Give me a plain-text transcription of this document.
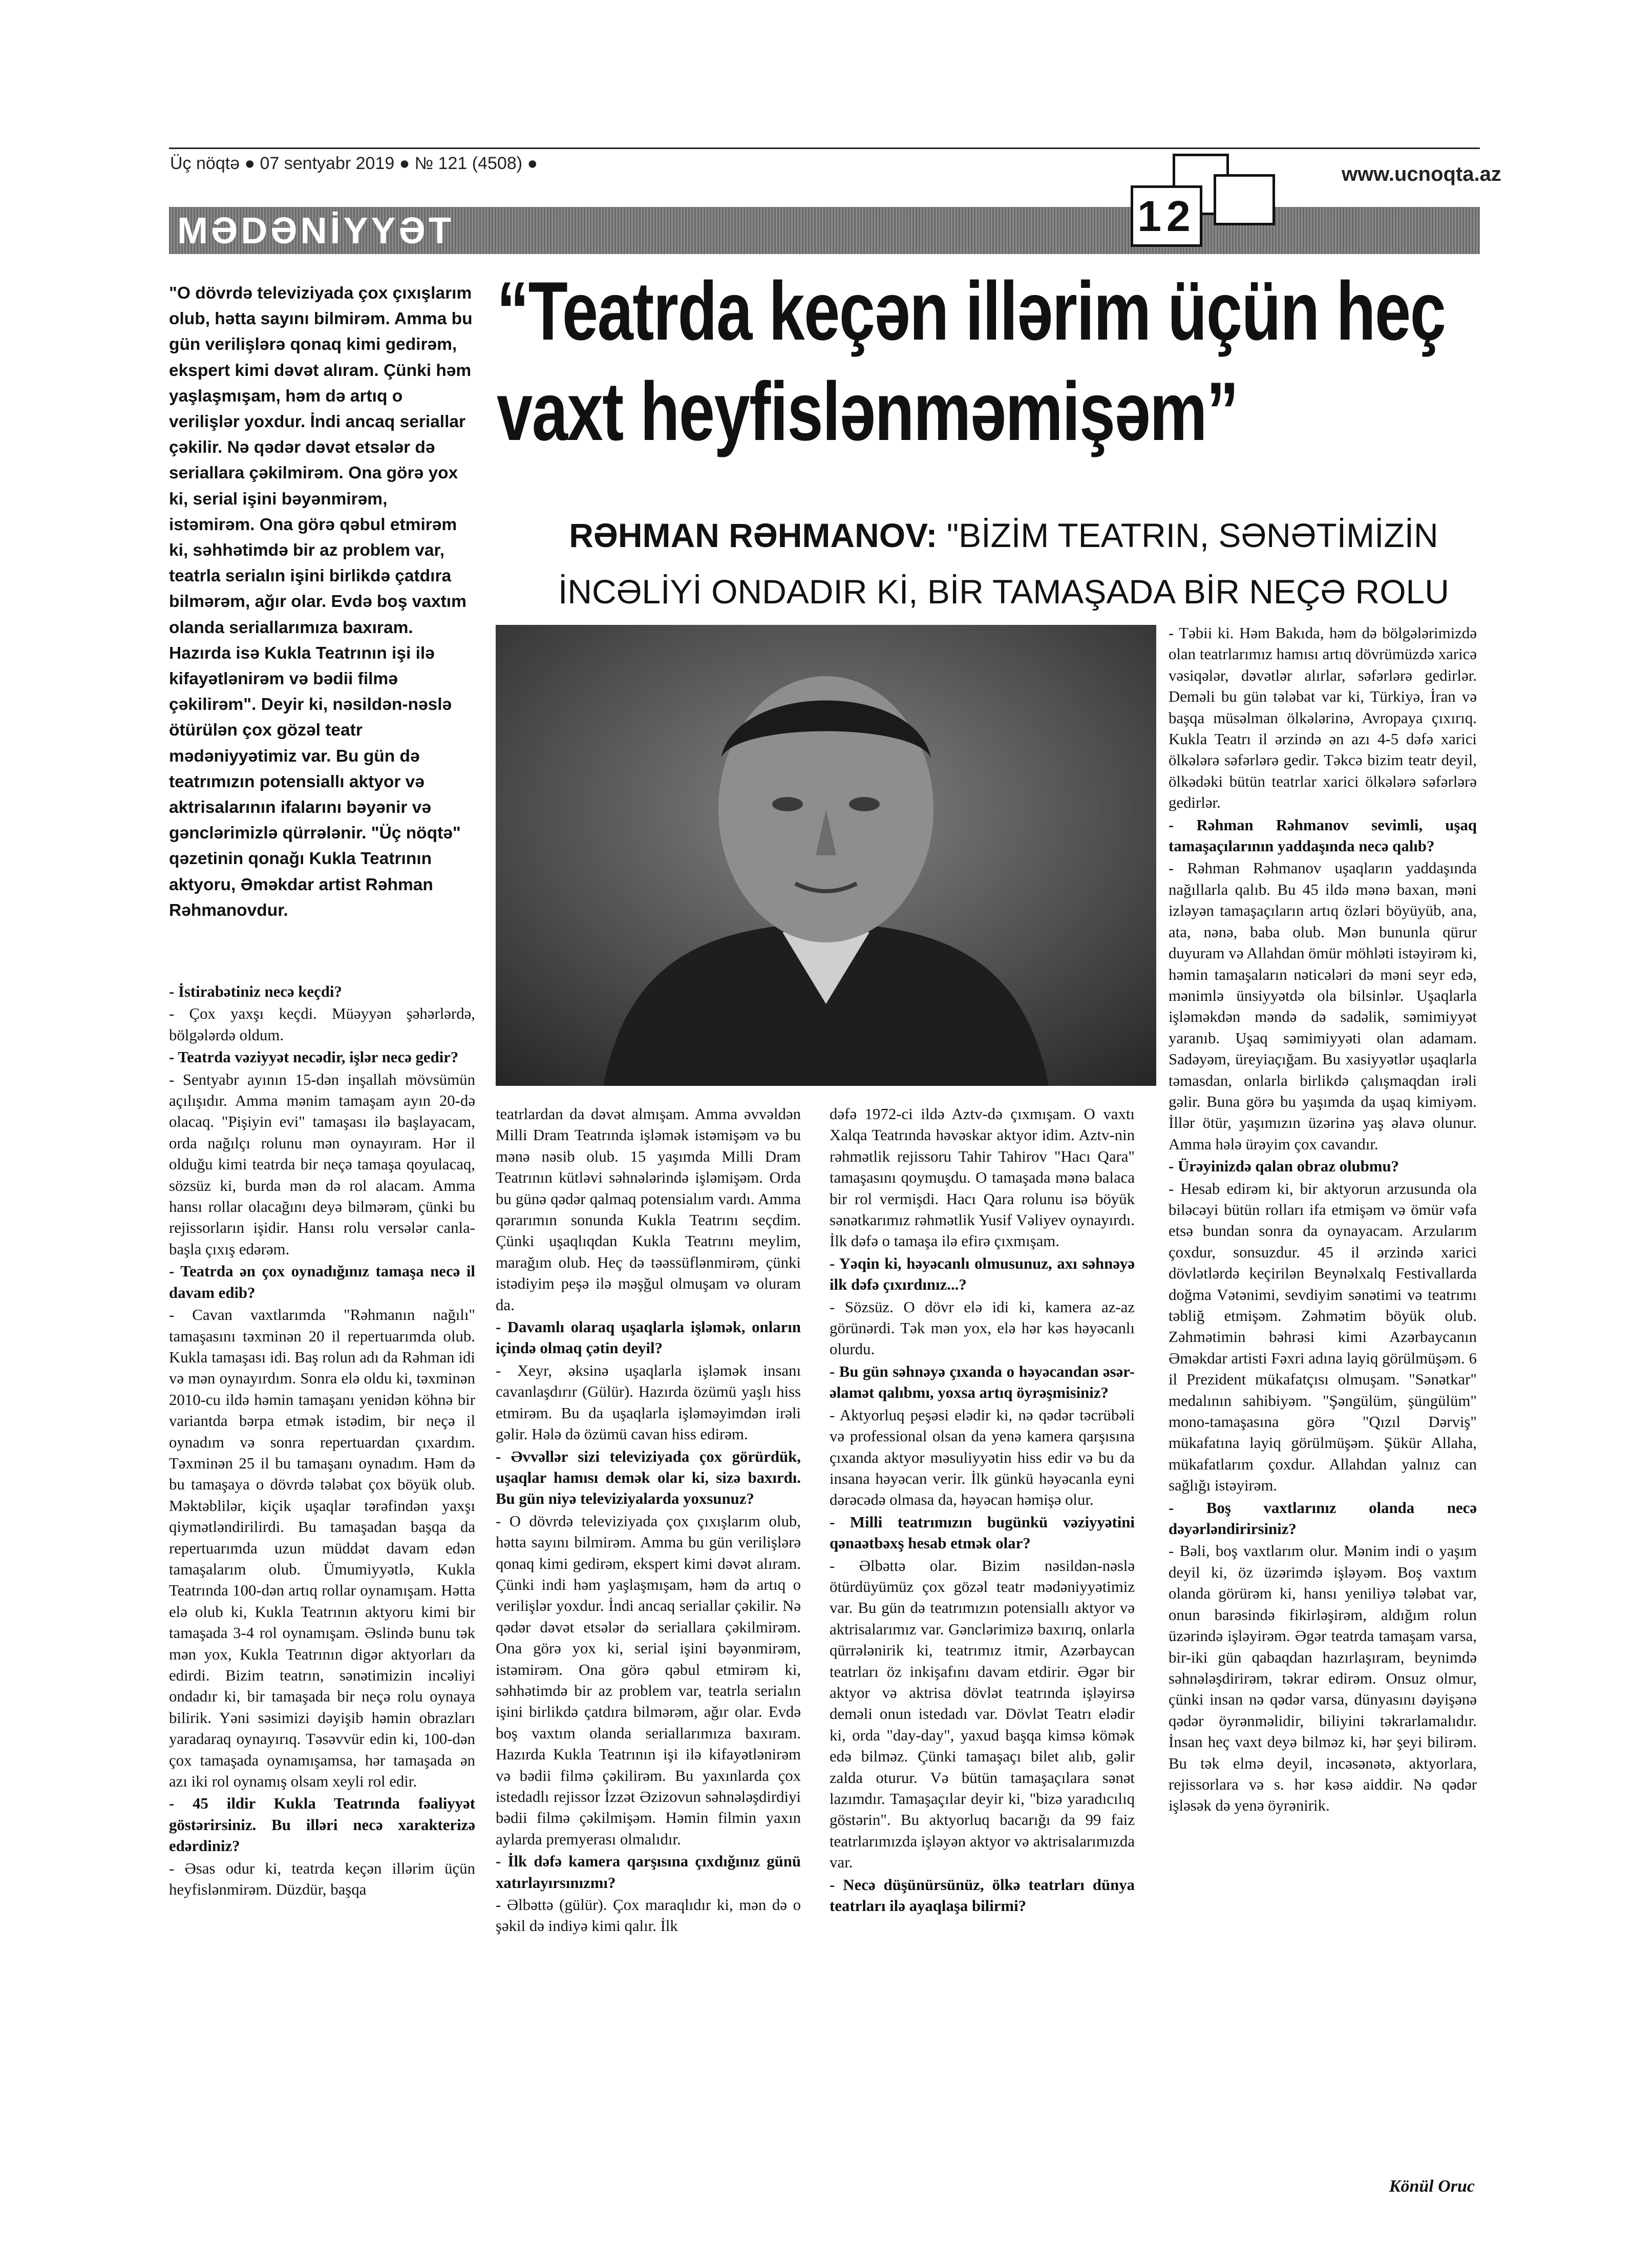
Üç nöqtə ● 07 sentyabr 2019 ● № 121 (4508) ●	www.ucnoqta.az
MƏDƏNİYYƏT	12
"O dövrdə televiziyada çox çıxışlarım olub, hətta sayını bilmirəm. Amma bu gün verilişlərə qonaq kimi gedirəm, ekspert kimi dəvət alıram. Çünki həm yaşlaşmışam, həm də artıq o verilişlər yoxdur. İndi ancaq seriallar çəkilir. Nə qədər dəvət etsələr də seriallara çəkilmirəm. Ona görə yox ki, serial işini bəyənmirəm, istəmirəm. Ona görə qəbul etmirəm ki, səhhətimdə bir az problem var, teatrla serialın işini birlikdə çatdıra bilmərəm, ağır olar. Evdə boş vaxtım olanda seriallarımıza baxıram. Hazırda isə Kukla Teatrının işi ilə kifayətlənirəm və bədii filmə çəkilirəm". Deyir ki, nəsildən-nəslə ötürülən çox gözəl teatr mədəniyyətimiz var. Bu gün də teatrımızın potensiallı aktyor və aktrisalarının ifalarını bəyənir və gənclərimizlə qürrələnir. "Üç nöqtə" qəzetinin qonağı Kukla Teatrının aktyoru, Əməkdar artist Rəhman Rəhmanovdur.
“Teatrda keçən illərim üçün heç
vaxt heyfislənməmişəm”
RƏHMAN RƏHMANOV: "BİZİM TEATRIN, SƏNƏTİMİZİN İNCƏLİYİ ONDADIR Kİ, BİR TAMAŞADA BİR NEÇƏ ROLU

- İstirabətiniz necə keçdi?

- Çox yaxşı keçdi. Müəyyən şəhərlərdə, bölgələrdə oldum.

- Teatrda vəziyyət necədir, işlər necə gedir?

- Sentyabr ayının 15-dən inşallah mövsümün açılışıdır. Amma mənim tamaşam ayın 20-də olacaq. "Pişiyin evi" tamaşası ilə başlayacam, orda nağılçı rolunu mən oynayıram. Hər il olduğu kimi teatrda bir neçə tamaşa qoyulacaq, sözsüz ki, burda mən də rol alacam. Amma hansı rollar olacağını deyə bilmərəm, çünki bu rejissorların işidir. Hansı rolu versələr canla-başla çıxış edərəm.

- Teatrda ən çox oynadığınız tamaşa necə il davam edib?

- Cavan vaxtlarımda "Rəhmanın nağılı" tamaşasını təxminən 20 il repertuarımda olub. Kukla tamaşası idi. Baş rolun adı da Rəhman idi və mən oynayırdım. Sonra elə oldu ki, təxminən 2010-cu ildə həmin tamaşanı yenidən köhnə bir variantda bərpa etmək istədim, bir neçə il oynadım və sonra repertuardan çıxardım. Təxminən 25 il bu tamaşanı oynadım. Həm də bu tamaşaya o dövrdə tələbat çox böyük olub. Məktəblilər, kiçik uşaqlar tərəfindən yaxşı qiymətləndirilirdi. Bu tamaşadan başqa da repertuarımda uzun müddət davam edən tamaşalarım olub. Ümumiyyətlə, Kukla Teatrında 100-dən artıq rollar oynamışam. Hətta elə olub ki, Kukla Teatrının aktyoru kimi bir tamaşada 3-4 rol oynamışam. Əslində bunu tək mən yox, Kukla Teatrının digər aktyorları da edirdi. Bizim teatrın, sənətimizin incəliyi ondadır ki, bir tamaşada bir neçə rolu oynaya bilirik. Yəni səsimizi dəyişib həmin obrazları yaradaraq oynayırıq. Təsəvvür edin ki, 100-dən çox tamaşada oynamışamsa, hər tamaşada ən azı iki rol oynamış olsam xeyli rol edir.

- 45 ildir Kukla Teatrında fəaliyyət göstərirsiniz. Bu illəri necə xarakterizə edərdiniz?

- Əsas odur ki, teatrda keçən illərim üçün heyfislənmirəm. Düzdür, başqa

teatrlardan da dəvət almışam. Amma əvvəldən Milli Dram Teatrında işləmək istəmişəm və bu mənə nəsib olub. 15 yaşımda Milli Dram Teatrının kütləvi səhnələrində işləmişəm. Orda bu günə qədər qalmaq potensialım vardı. Amma qərarımın sonunda Kukla Teatrını seçdim. Çünki uşaqlıqdan Kukla Teatrını meylim, marağım olub. Heç də təəssüflənmirəm, çünki istədiyim peşə ilə məşğul olmuşam və oluram da.

- Davamlı olaraq uşaqlarla işləmək, onların içində olmaq çətin deyil?

- Xeyr, əksinə uşaqlarla işləmək insanı cavanlaşdırır (Gülür). Hazırda özümü yaşlı hiss etmirəm. Bu da uşaqlarla işləməyimdən irəli gəlir. Hələ də özümü cavan hiss edirəm.

- Əvvəllər sizi televiziyada çox görürdük, uşaqlar hamısı demək olar ki, sizə baxırdı. Bu gün niyə televiziyalarda yoxsunuz?

- O dövrdə televiziyada çox çıxışlarım olub, hətta sayını bilmirəm. Amma bu gün verilişlərə qonaq kimi gedirəm, ekspert kimi dəvət alıram. Çünki indi həm yaşlaşmışam, həm də artıq o verilişlər yoxdur. İndi ancaq seriallar çəkilir. Nə qədər dəvət etsələr də seriallara çəkilmirəm. Ona görə yox ki, serial işini bəyənmirəm, istəmirəm. Ona görə qəbul etmirəm ki, səhhətimdə bir az problem var, teatrla serialın işini birlikdə çatdıra bilmərəm, ağır olar. Evdə boş vaxtım olanda seriallarımıza baxıram. Hazırda Kukla Teatrının işi ilə kifayətlənirəm və bədii filmə çəkilirəm. Bu yaxınlarda çox istedadlı rejissor İzzət Əzizovun səhnələşdirdiyi bədii filmə çəkilmişəm. Həmin filmin yaxın aylarda premyerası olmalıdır.

- İlk dəfə kamera qarşısına çıxdığınız günü xatırlayırsınızmı?

- Əlbəttə (gülür). Çox maraqlıdır ki, mən də o şəkil də indiyə kimi qalır. İlk

dəfə 1972-ci ildə Aztv-də çıxmışam. O vaxtı Xalqa Teatrında həvəskar aktyor idim. Aztv-nin rəhmətlik rejissoru Tahir Tahirov "Hacı Qara" tamaşasını qoymuşdu. O tamaşada mənə balaca bir rol vermişdi. Hacı Qara rolunu isə böyük sənətkarımız rəhmətlik Yusif Vəliyev oynayırdı. İlk dəfə o tamaşa ilə efirə çıxmışam.

- Yəqin ki, həyəcanlı olmusunuz, axı səhnəyə ilk dəfə çıxırdınız...?

- Sözsüz. O dövr elə idi ki, kamera az-az görünərdi. Tək mən yox, elə hər kəs həyəcanlı olurdu.

- Bu gün səhnəyə çıxanda o həyəcandan əsər-əlamət qalıbmı, yoxsa artıq öyrəşmisiniz?

- Aktyorluq peşəsi elədir ki, nə qədər təcrübəli və professional olsan da yenə kamera qarşısına çıxanda aktyor məsuliyyətin hiss edir və bu da insana həyəcan verir. İlk günkü həyəcanla eyni dərəcədə olmasa da, həyəcan həmişə olur.

- Milli teatrımızın bugünkü vəziyyətini qənaətbəxş hesab etmək olar?

- Əlbəttə olar. Bizim nəsildən-nəslə ötürdüyümüz çox gözəl teatr mədəniyyətimiz var. Bu gün də teatrımızın potensiallı aktyor və aktrisalarımız var. Gənclərimizə baxırıq, onlarla qürrələnirik ki, teatrımız itmir, Azərbaycan teatrları öz inkişafını davam etdirir. Əgər bir aktyor və aktrisa dövlət teatrında işləyirsə deməli onun istedadı var. Dövlət Teatrı elədir ki, orda "day-day", yaxud başqa kimsə kömək edə bilməz. Çünki tamaşaçı bilet alıb, gəlir zalda oturur. Və bütün tamaşaçılara sənət lazımdır. Tamaşaçılar deyir ki, "bizə yaradıcılıq göstərin". Bu aktyorluq bacarığı da 99 faiz teatrlarımızda işləyən aktyor və aktrisalarımızda var.

- Necə düşünürsünüz, ölkə teatrları dünya teatrları ilə ayaqlaşa bilirmi?

- Təbii ki. Həm Bakıda, həm də bölgələrimizdə olan teatrlarımız hamısı artıq dövrümüzdə xaricə vəsiqələr, dəvətlər alırlar, səfərlərə gedirlər. Deməli bu gün tələbat var ki, Türkiyə, İran və başqa müsəlman ölkələrinə, Avropaya çıxırıq. Kukla Teatrı il ərzində ən azı 4-5 dəfə xarici ölkələrə səfərlərə gedir. Təkcə bizim teatr deyil, ölkədəki bütün teatrlar xarici ölkələrə səfərlərə gedirlər.

- Rəhman Rəhmanov sevimli, uşaq tamaşaçılarının yaddaşında necə qalıb?

- Rəhman Rəhmanov uşaqların yaddaşında nağıllarla qalıb. Bu 45 ildə mənə baxan, məni izləyən tamaşaçıların artıq özləri böyüyüb, ana, ata, nənə, baba olub. Mən bununla qürur duyuram və Allahdan ömür möhləti istəyirəm ki, həmin tamaşaların nəticələri də məni seyr edə, mənimlə ünsiyyətdə ola bilsinlər. Uşaqlarla işləməkdən məndə də sadəlik, səmimiyyət yaranıb. Uşaq səmimiyyəti olan adamam. Sadəyəm, üreyiaçığam. Bu xasiyyətlər uşaqlarla təmasdan, onlarla birlikdə çalışmaqdan irəli gəlir. Buna görə bu yaşımda da uşaq kimiyəm. İllər ötür, yaşımızın üzərinə yaş əlavə olunur. Amma hələ ürəyim çox cavandır.

- Ürəyinizdə qalan obraz olubmu?

- Hesab edirəm ki, bir aktyorun arzusunda ola biləcəyi bütün rolları ifa etmişəm və ömür vəfa etsə bundan sonra da oynayacam. Arzularım çoxdur, sonsuzdur. 45 il ərzində xarici dövlətlərdə keçirilən Beynəlxalq Festivallarda doğma Vətənimi, sevdiyim sənətimi və teatrımı təbliğ etmişəm. Zəhmətim böyük olub. Zəhmətimin bəhrəsi kimi Azərbaycanın Əməkdar artisti Fəxri adına layiq görülmüşəm. 6 il Prezident mükafatçısı olmuşam. "Sənətkar" medalının sahibiyəm. "Şəngülüm, şüngülüm" mono-tamaşasına görə "Qızıl Dərviş" mükafatına layiq görülmüşəm. Şükür Allaha, mükafatlarım çoxdur. Allahdan yalnız can sağlığı istəyirəm.

- Boş vaxtlarınız olanda necə dəyərləndirirsiniz?

- Bəli, boş vaxtlarım olur. Mənim indi o yaşım deyil ki, öz üzərimdə işləyəm. Boş vaxtım olanda görürəm ki, hansı yeniliyə tələbat var, onun barəsində fikirləşirəm, aldığım rolun üzərində işləyirəm. Əgər teatrda tamaşam varsa, bir-iki gün qabaqdan hazırlaşıram, beynimdə səhnələşdirirəm, təkrar edirəm. Onsuz olmur, çünki insan nə qədər varsa, dünyasını dəyişənə qədər öyrənməlidir, biliyini təkrarlamalıdır. İnsan heç vaxt deyə bilməz ki, hər şeyi bilirəm. Bu tək elmə deyil, incəsənətə, aktyorlara, rejissorlara və s. hər kəsə aiddir. Nə qədər işləsək də yenə öyrənirik.

Könül Oruc
